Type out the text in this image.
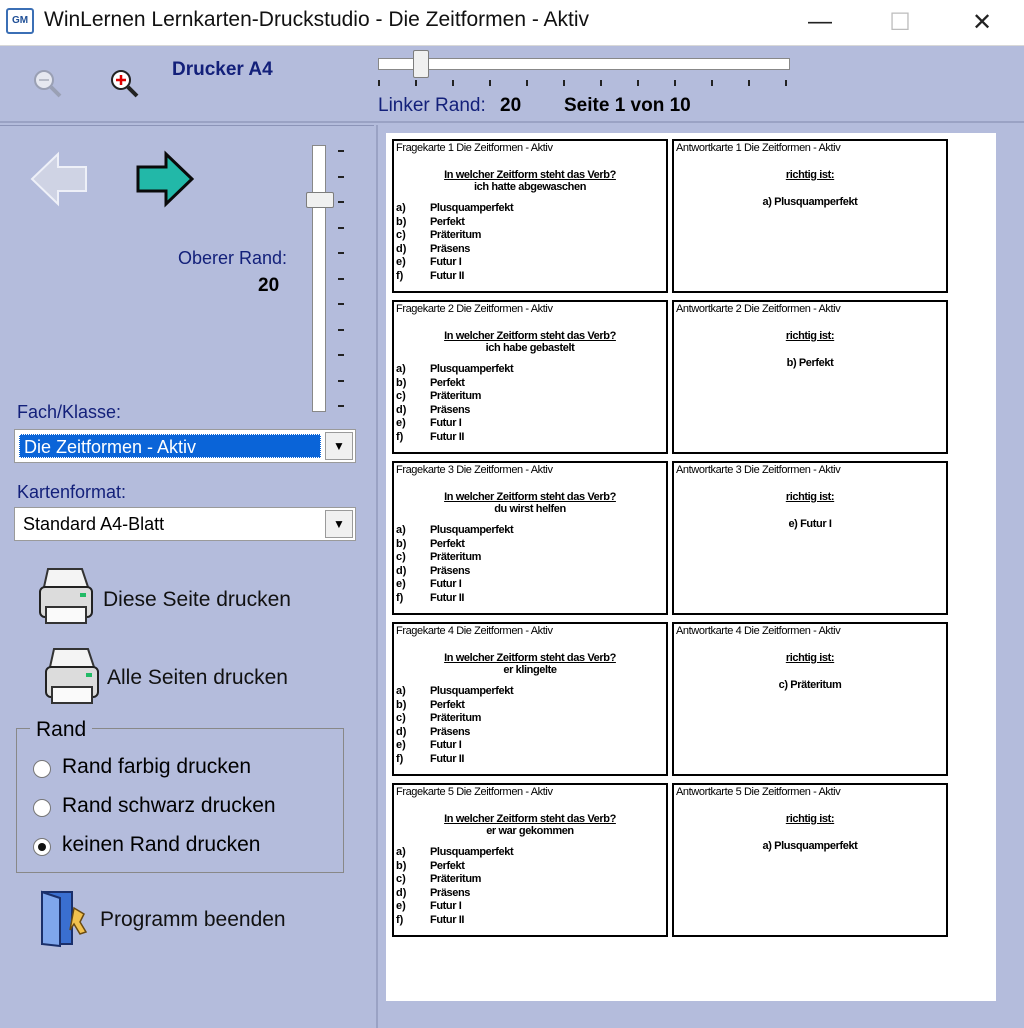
GM WinLernen Lernkarten-Druckstudio - Die Zeitformen - Aktiv	—	☐	✕
Drucker A4
Linker Rand: 20 Seite 1 von 10
Oberer Rand:
20
Fach/Klasse:
Die Zeitformen - Aktiv	▼
Kartenformat:
Standard A4-Blatt	▼
Diese Seite drucken
Alle Seiten drucken
Rand
Rand farbig drucken
Rand schwarz drucken
keinen Rand drucken
Programm beenden
Fragekarte 1 Die Zeitformen - Aktiv
In welcher Zeitform steht das Verb?
ich hatte abgewaschen
a) Plusquamperfekt
b) Perfekt
c) Präteritum
d) Präsens
e) Futur I
f) Futur II
Antwortkarte 1 Die Zeitformen - Aktiv
richtig ist:
a) Plusquamperfekt
Fragekarte 2 Die Zeitformen - Aktiv
In welcher Zeitform steht das Verb?
ich habe gebastelt
a) Plusquamperfekt
b) Perfekt
c) Präteritum
d) Präsens
e) Futur I
f) Futur II
Antwortkarte 2 Die Zeitformen - Aktiv
richtig ist:
b) Perfekt
Fragekarte 3 Die Zeitformen - Aktiv
In welcher Zeitform steht das Verb?
du wirst helfen
a) Plusquamperfekt
b) Perfekt
c) Präteritum
d) Präsens
e) Futur I
f) Futur II
Antwortkarte 3 Die Zeitformen - Aktiv
richtig ist:
e) Futur I
Fragekarte 4 Die Zeitformen - Aktiv
In welcher Zeitform steht das Verb?
er klingelte
a) Plusquamperfekt
b) Perfekt
c) Präteritum
d) Präsens
e) Futur I
f) Futur II
Antwortkarte 4 Die Zeitformen - Aktiv
richtig ist:
c) Präteritum
Fragekarte 5 Die Zeitformen - Aktiv
In welcher Zeitform steht das Verb?
er war gekommen
a) Plusquamperfekt
b) Perfekt
c) Präteritum
d) Präsens
e) Futur I
f) Futur II
Antwortkarte 5 Die Zeitformen - Aktiv
richtig ist:
a) Plusquamperfekt
